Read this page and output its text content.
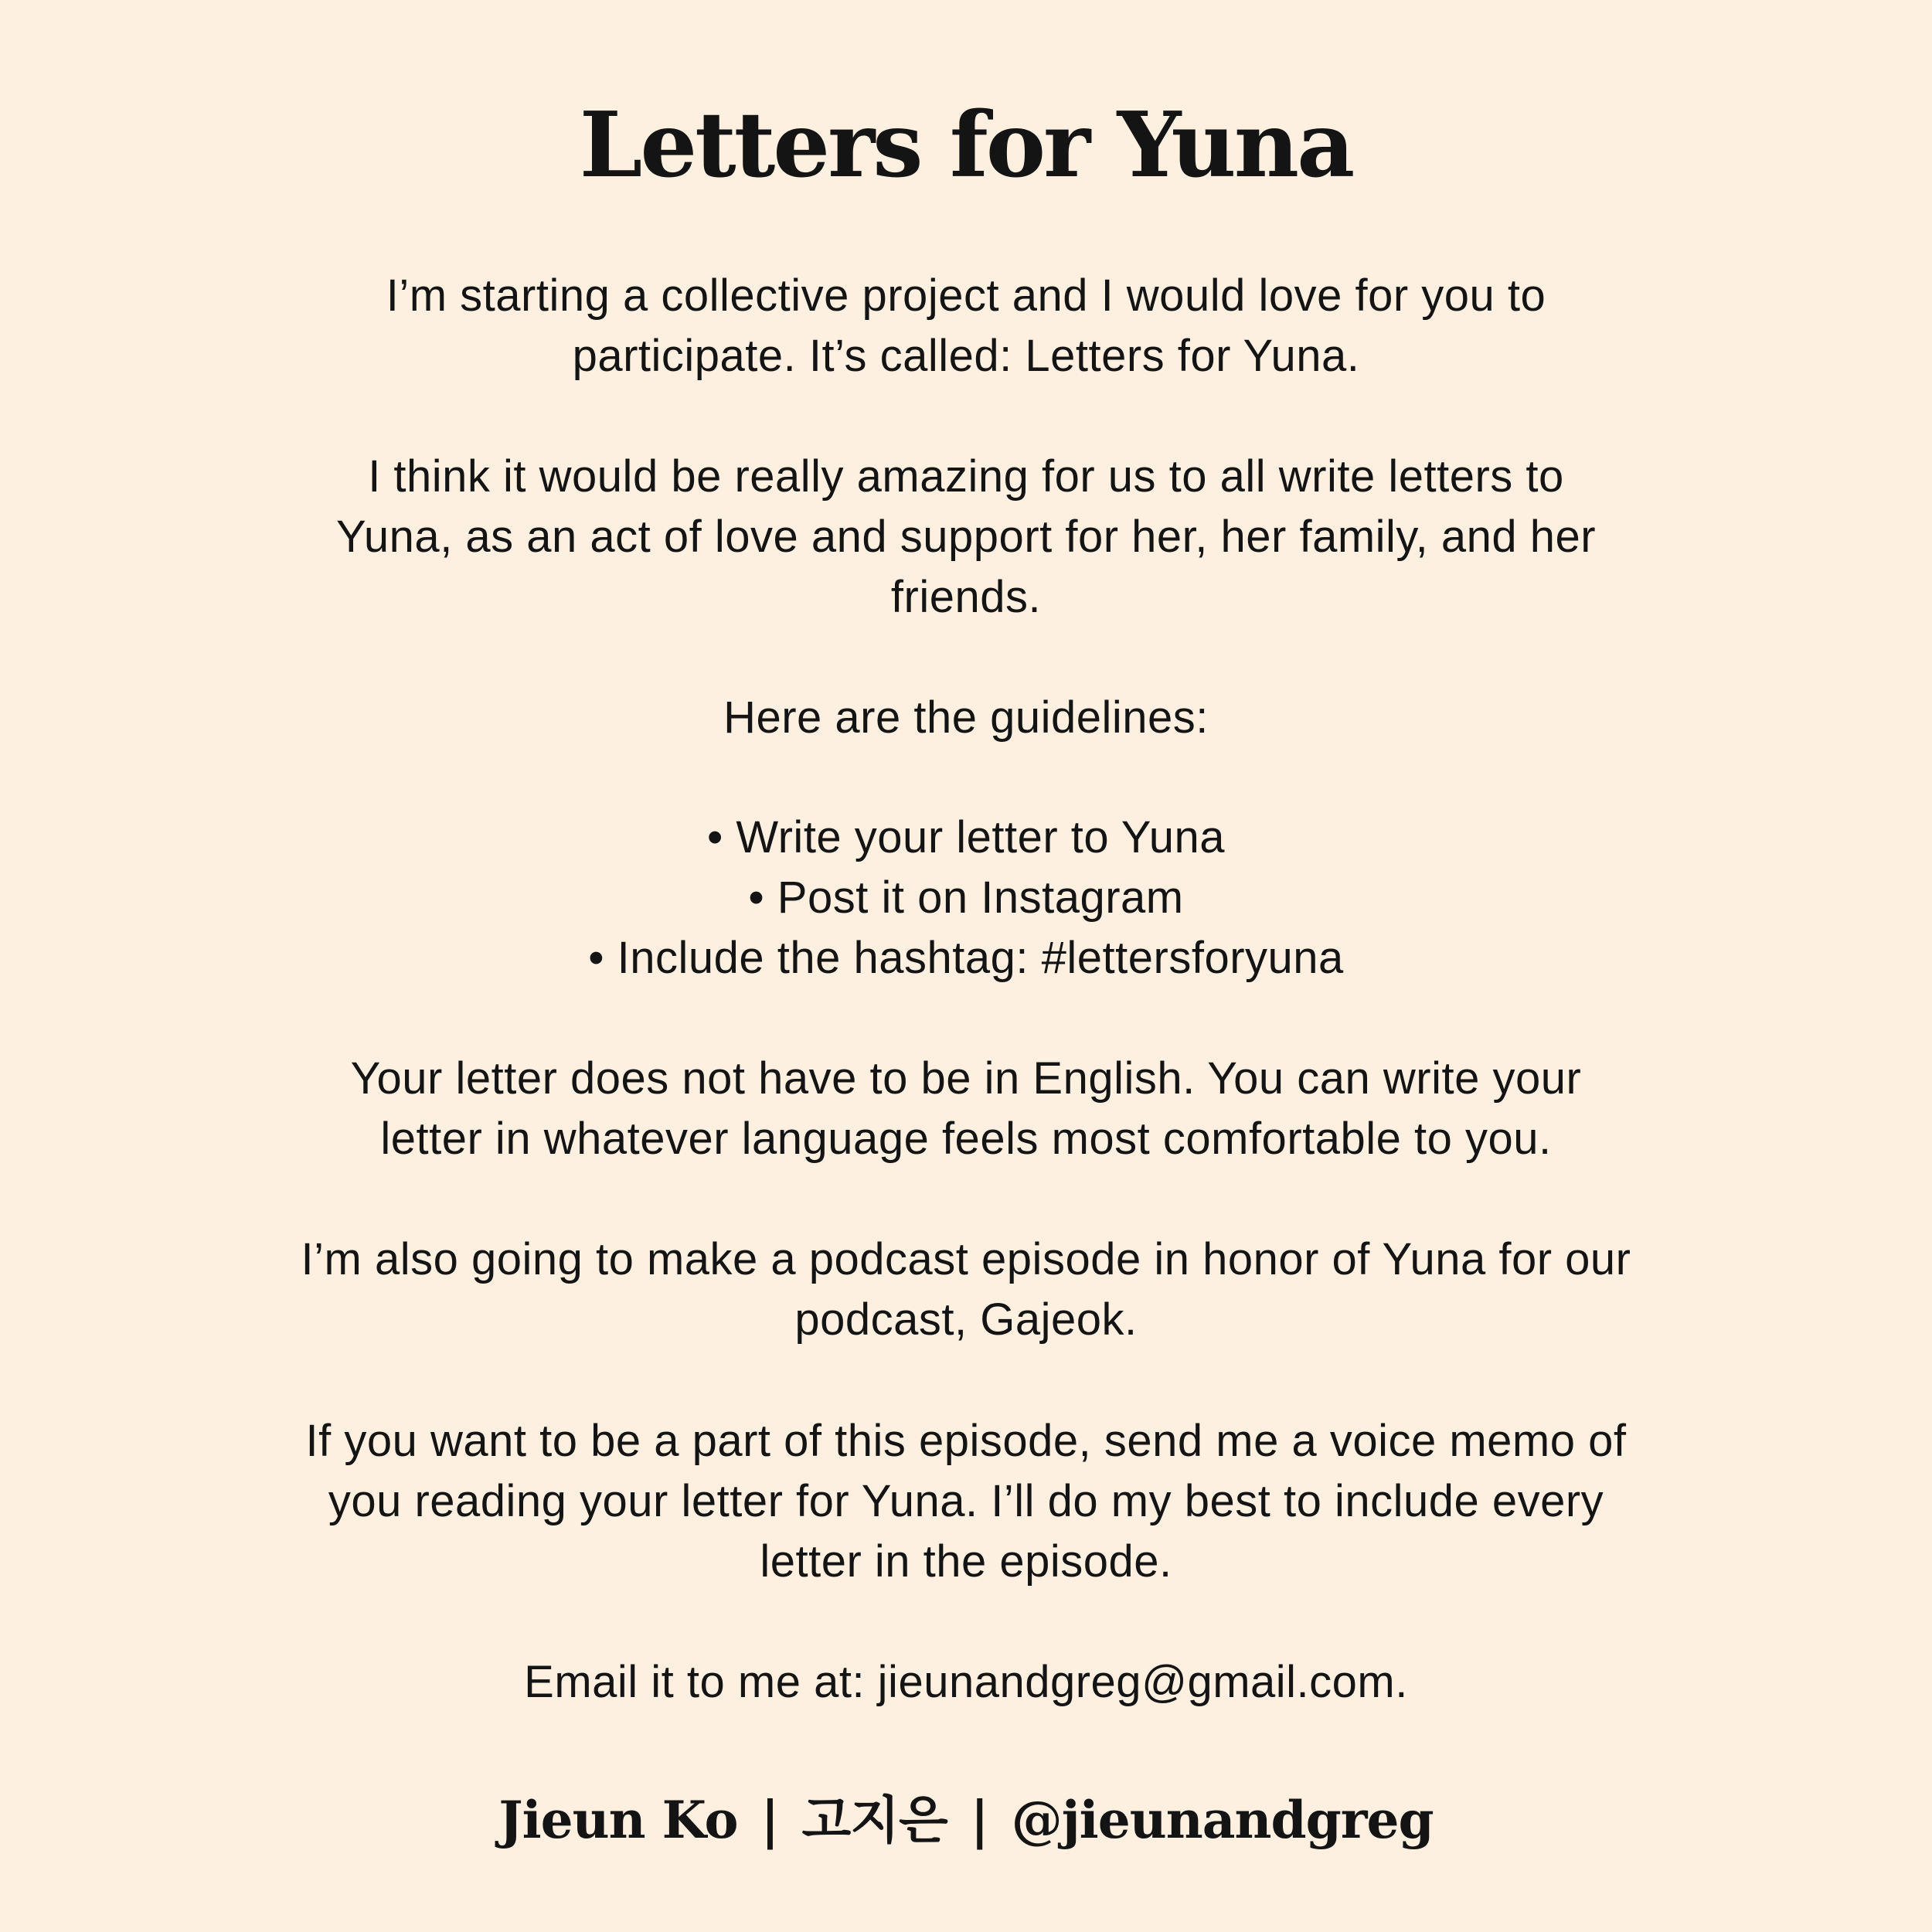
Letters for Yuna

I’m starting a collective project and I would love for you to
participate. It’s called: Letters for Yuna.

I think it would be really amazing for us to all write letters to
Yuna, as an act of love and support for her, her family, and her
friends.

Here are the guidelines:

• Write your letter to Yuna
• Post it on Instagram
• Include the hashtag: #lettersforyuna

Your letter does not have to be in English. You can write your
letter in whatever language feels most comfortable to you.

I’m also going to make a podcast episode in honor of Yuna for our
podcast, Gajeok.

If you want to be a part of this episode, send me a voice memo of
you reading your letter for Yuna. I’ll do my best to include every
letter in the episode.

Email it to me at: jieunandgreg@gmail.com.

Jieun Ko | 고지은 | @jieunandgreg
